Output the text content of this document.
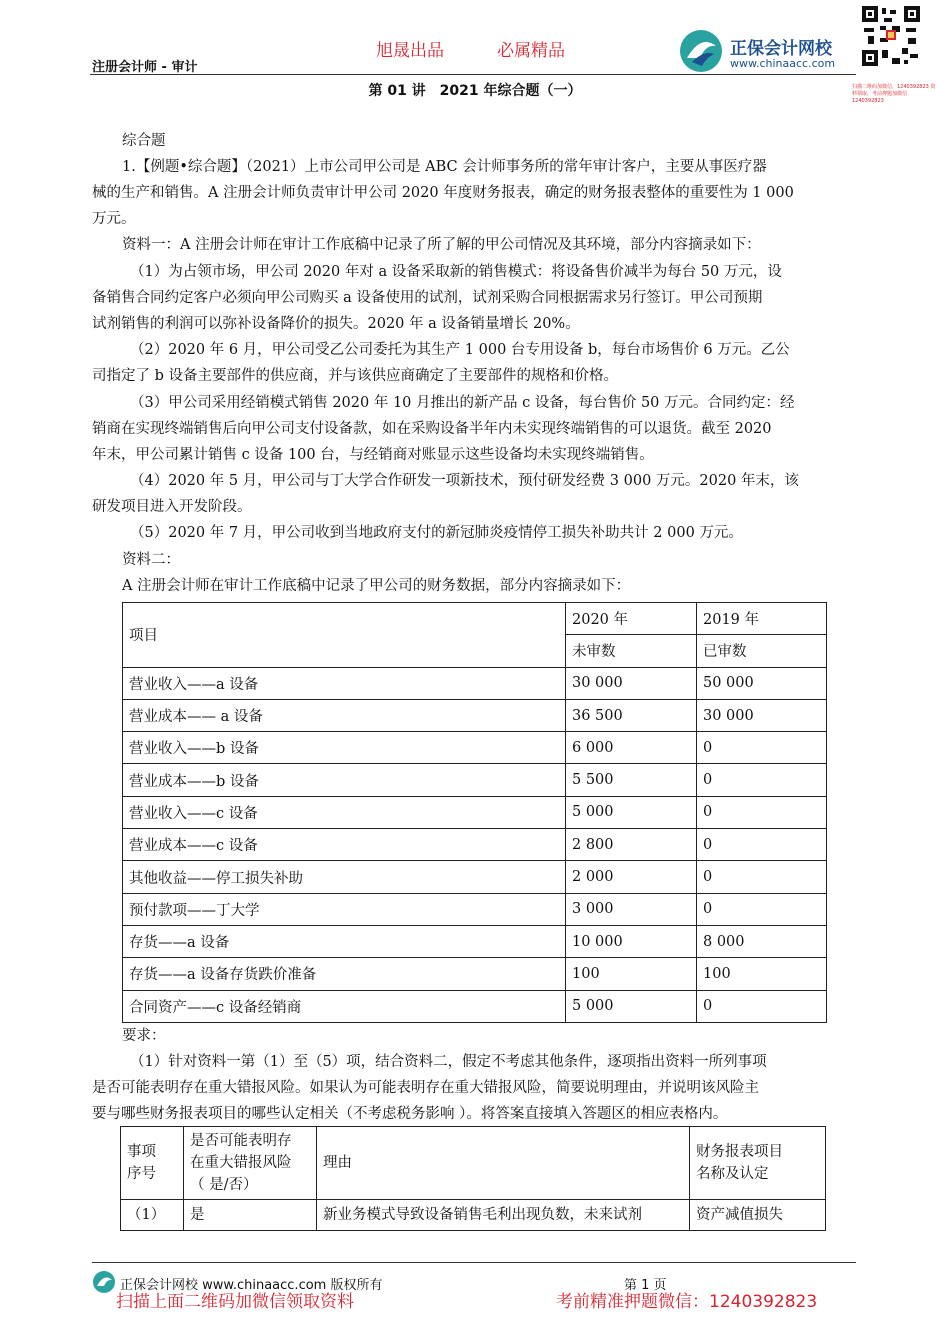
注册会计师 - 审计
旭晟出品	必属精品	正保会计网校
www.chinaacc.com
扫描二维码加微信，1240392823 资料领取，考前押题加微信 1240392823
第 01 讲　2021 年综合题（一）
综合题
1.【例题•综合题】（2021）上市公司甲公司是 ABC 会计师事务所的常年审计客户，主要从事医疗器
械的生产和销售。A 注册会计师负责审计甲公司 2020 年度财务报表，确定的财务报表整体的重要性为 1 000
万元。
资料一：A 注册会计师在审计工作底稿中记录了所了解的甲公司情况及其环境，部分内容摘录如下：
（1）为占领市场，甲公司 2020 年对 a 设备采取新的销售模式：将设备售价减半为每台 50 万元，设
备销售合同约定客户必须向甲公司购买 a 设备使用的试剂，试剂采购合同根据需求另行签订。甲公司预期
试剂销售的利润可以弥补设备降价的损失。2020 年 a 设备销量增长 20%。
（2）2020 年 6 月，甲公司受乙公司委托为其生产 1 000 台专用设备 b，每台市场售价 6 万元。乙公
司指定了 b 设备主要部件的供应商，并与该供应商确定了主要部件的规格和价格。
（3）甲公司采用经销模式销售 2020 年 10 月推出的新产品 c 设备，每台售价 50 万元。合同约定：经
销商在实现终端销售后向甲公司支付设备款，如在采购设备半年内未实现终端销售的可以退货。截至 2020
年末，甲公司累计销售 c 设备 100 台，与经销商对账显示这些设备均未实现终端销售。
（4）2020 年 5 月，甲公司与丁大学合作研发一项新技术，预付研发经费 3 000 万元。2020 年末，该
研发项目进入开发阶段。
（5）2020 年 7 月，甲公司收到当地政府支付的新冠肺炎疫情停工损失补助共计 2 000 万元。
资料二：
A 注册会计师在审计工作底稿中记录了甲公司的财务数据，部分内容摘录如下：
项目	2020 年	2019 年
	未审数	已审数
营业收入——a 设备	30 000	50 000
营业成本—— a 设备	36 500	30 000
营业收入——b 设备	6 000	0
营业成本——b 设备	5 500	0
营业收入——c 设备	5 000	0
营业成本——c 设备	2 800	0
其他收益——停工损失补助	2 000	0
预付款项——丁大学	3 000	0
存货——a 设备	10 000	8 000
存货——a 设备存货跌价准备	100	100
合同资产——c 设备经销商	5 000	0
要求：
（1）针对资料一第（1）至（5）项，结合资料二，假定不考虑其他条件，逐项指出资料一所列事项
是否可能表明存在重大错报风险。如果认为可能表明存在重大错报风险，简要说明理由，并说明该风险主
要与哪些财务报表项目的哪些认定相关（不考虑税务影响 ）。将答案直接填入答题区的相应表格内。
事项
序号	是否可能表明存
在重大错报风险
（ 是/否）	理由	财务报表项目
名称及认定
（1）	是	新业务模式导致设备销售毛利出现负数，未来试剂	资产减值损失
正保会计网校 www.chinaacc.com 版权所有	第 1 页
扫描上面二维码加微信领取资料	考前精准押题微信：1240392823
